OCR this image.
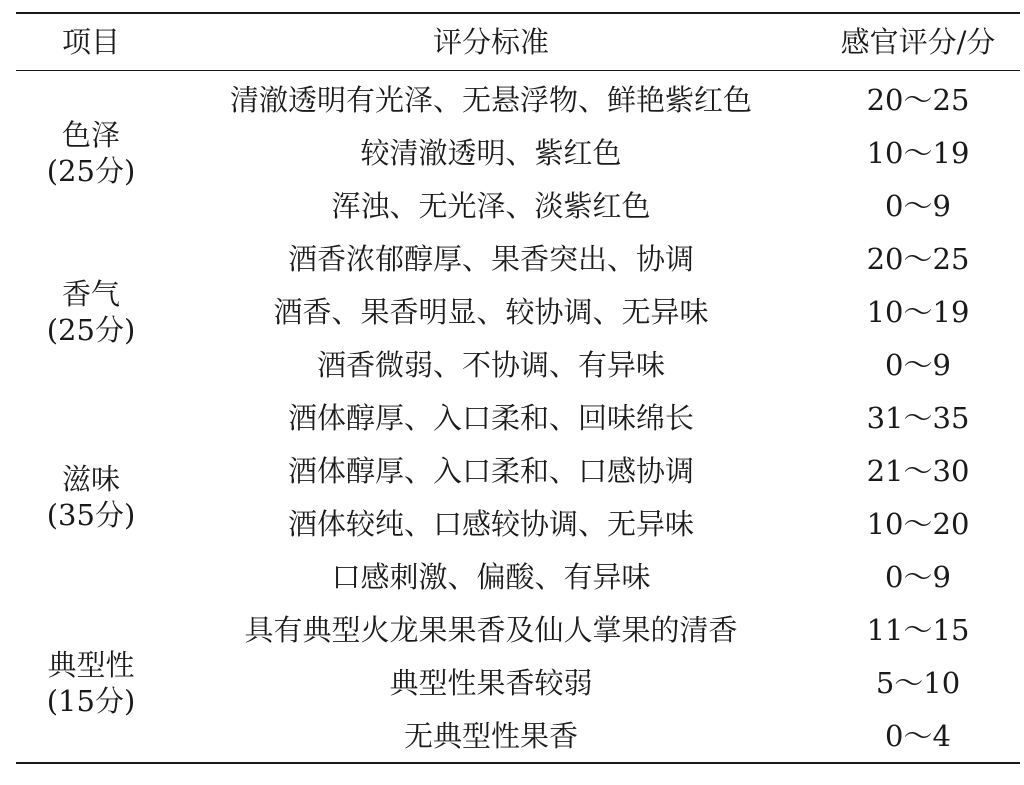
项目	评分标准	感官评分/分

色泽
(25分)	清澈透明有光泽、无悬浮物、鲜艳紫红色	20～25
	较清澈透明、紫红色	10～19
	浑浊、无光泽、淡紫红色	0～9

香气
(25分)	酒香浓郁醇厚、果香突出、协调	20～25
	酒香、果香明显、较协调、无异味	10～19
	酒香微弱、不协调、有异味	0～9

滋味
(35分)	酒体醇厚、入口柔和、回味绵长	31～35
	酒体醇厚、入口柔和、口感协调	21～30
	酒体较纯、口感较协调、无异味	10～20
	口感刺激、偏酸、有异味	0～9

典型性
(15分)	具有典型火龙果果香及仙人掌果的清香	11～15
	典型性果香较弱	5～10
	无典型性果香	0～4
